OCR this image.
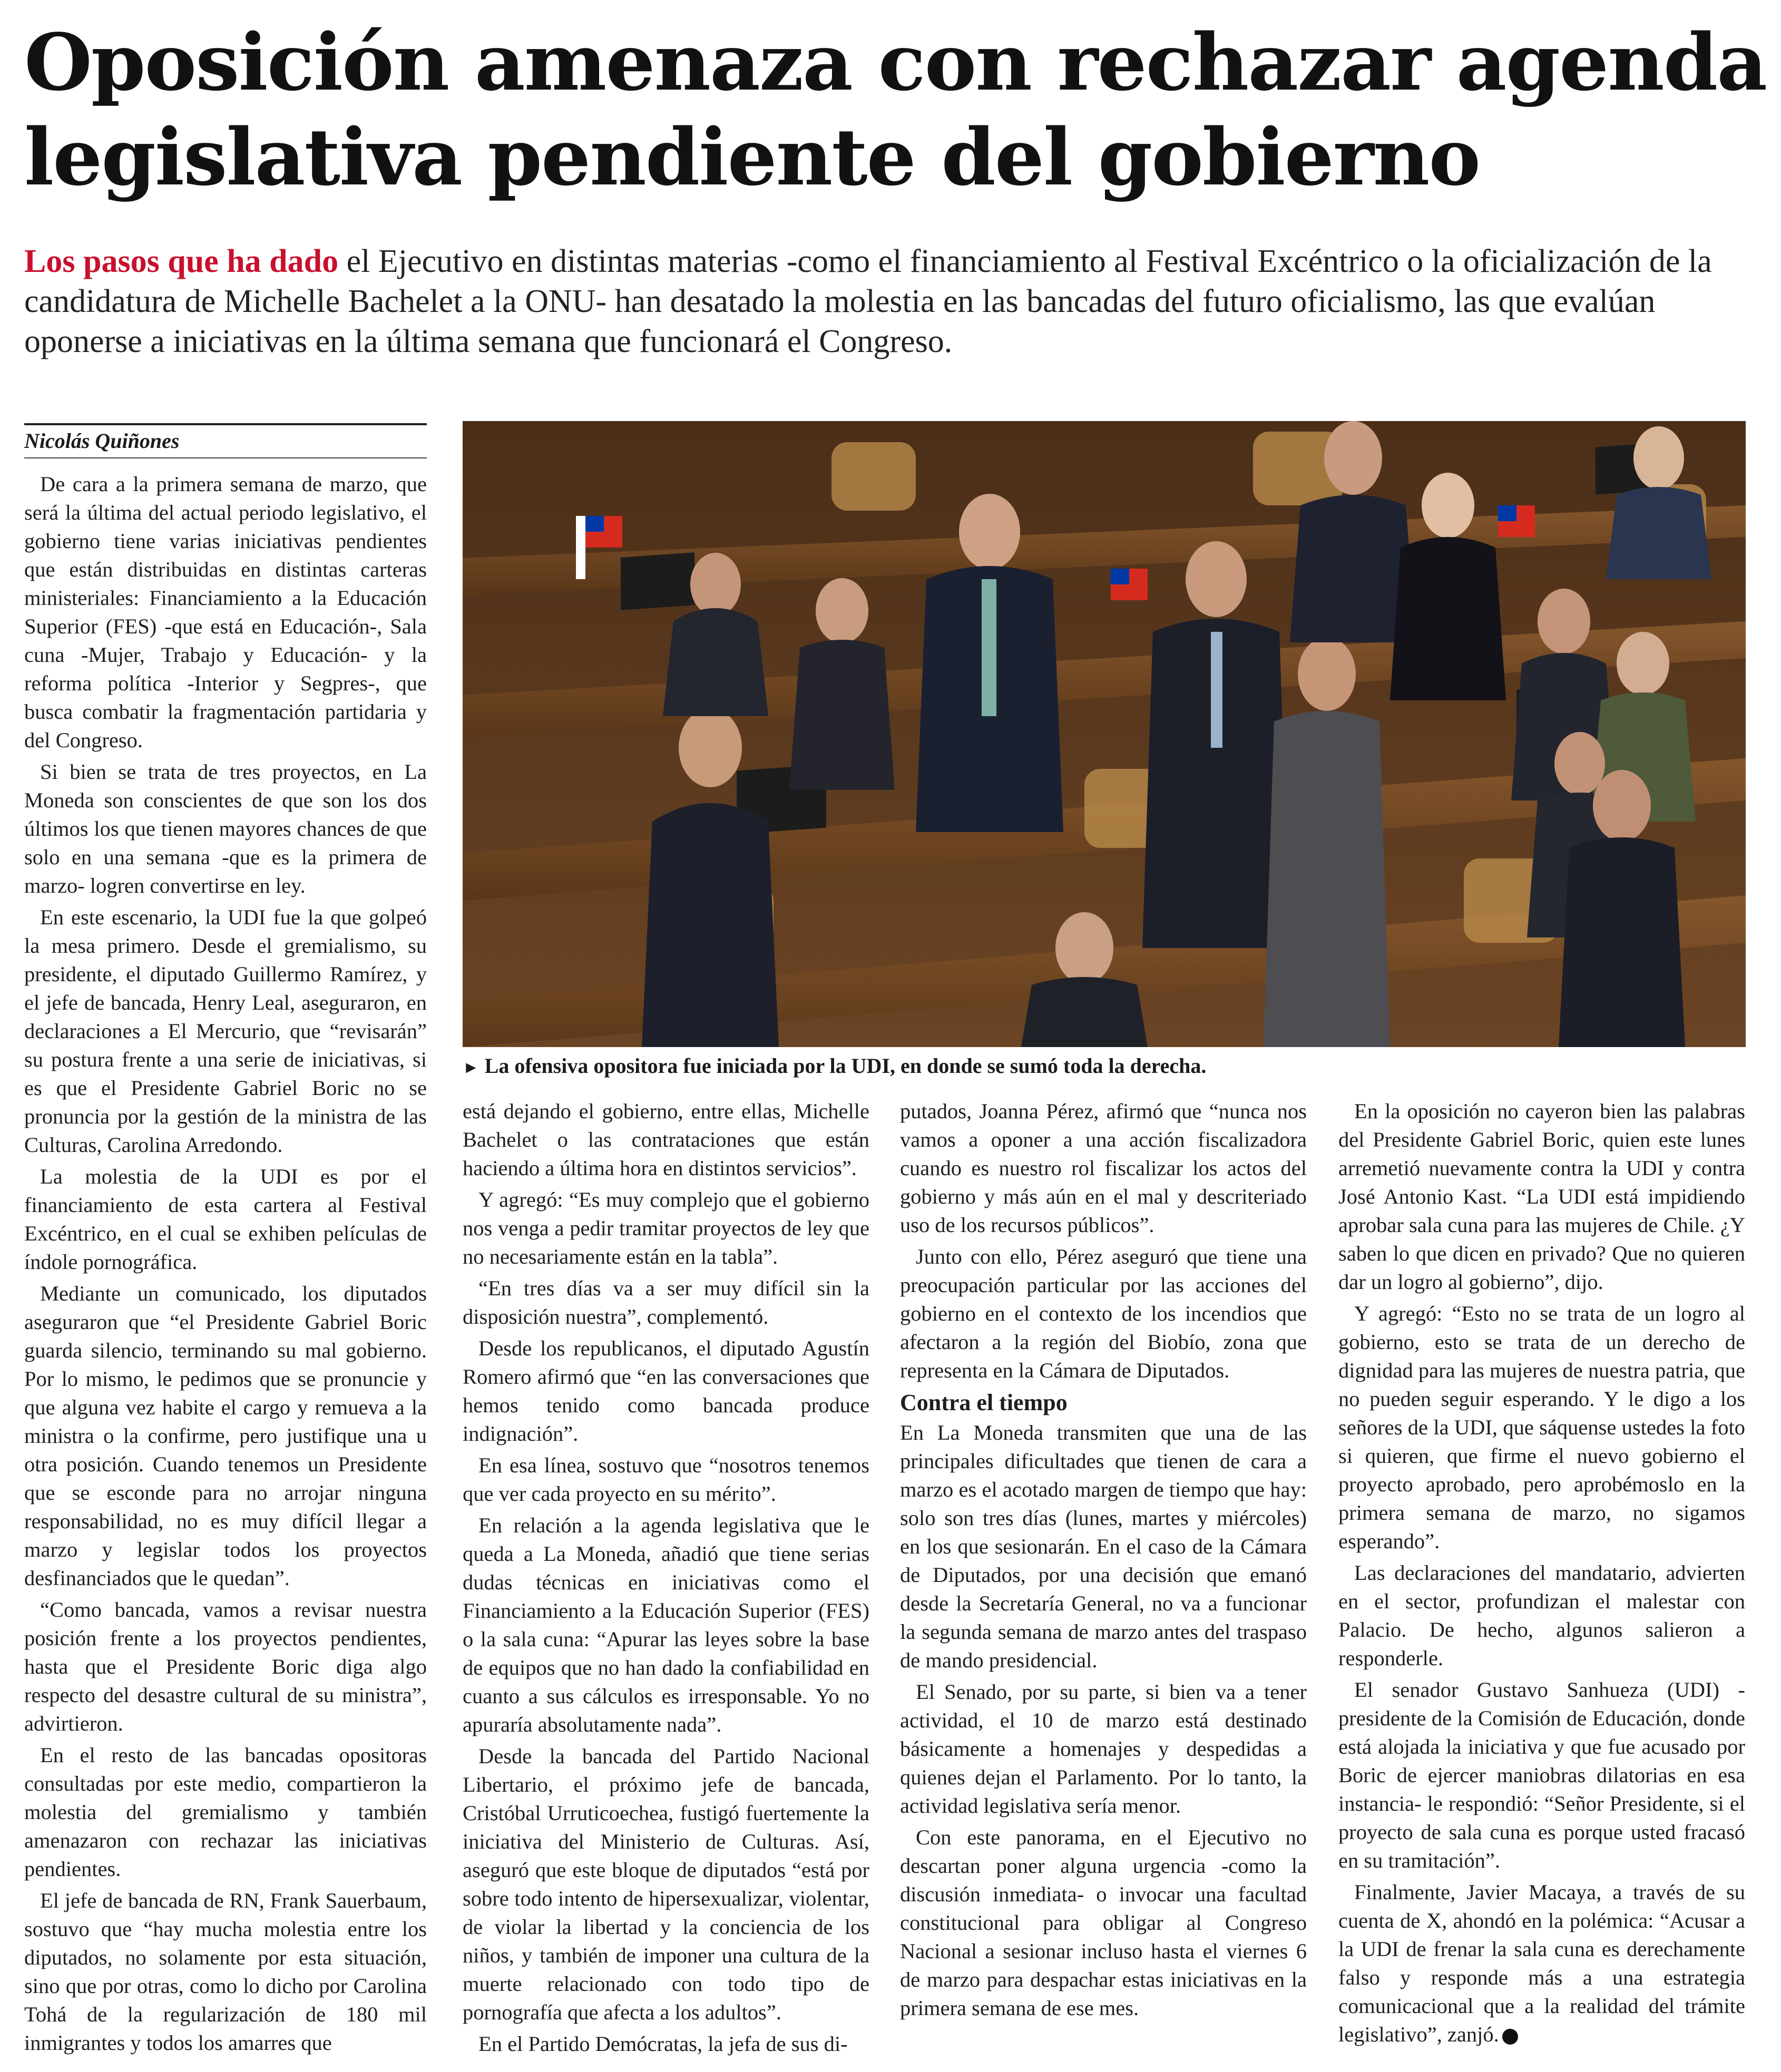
Oposición amenaza con rechazar agenda
legislativa pendiente del gobierno
Los pasos que ha dado el Ejecutivo en distintas materias -como el financiamiento al Festival Excéntrico o la oficialización de la candidatura de Michelle Bachelet a la ONU- han desatado la molestia en las bancadas del futuro oficialismo, las que evalúan oponerse a iniciativas en la última semana que funcionará el Congreso.
Nicolás Quiñones

De cara a la primera semana de marzo, que será la última del actual periodo legislativo, el gobierno tiene varias iniciativas pendientes que están distribuidas en distintas carteras ministeriales: Financiamiento a la Educación Superior (FES) -que está en Educación-, Sala cuna -Mujer, Trabajo y Educación- y la reforma política -Interior y Segpres-, que busca combatir la fragmentación partidaria y del Congreso.

Si bien se trata de tres proyectos, en La Moneda son conscientes de que son los dos últimos los que tienen mayores chances de que solo en una semana -que es la primera de marzo- logren convertirse en ley.

En este escenario, la UDI fue la que golpeó la mesa primero. Desde el gremialismo, su presidente, el diputado Guillermo Ramírez, y el jefe de bancada, Henry Leal, aseguraron, en declaraciones a El Mercurio, que “revisarán” su postura frente a una serie de iniciativas, si es que el Presidente Gabriel Boric no se pronuncia por la gestión de la ministra de las Culturas, Carolina Arredondo.

La molestia de la UDI es por el financiamiento de esta cartera al Festival Excéntrico, en el cual se exhiben películas de índole pornográfica.

Mediante un comunicado, los diputados aseguraron que “el Presidente Gabriel Boric guarda silencio, terminando su mal gobierno. Por lo mismo, le pedimos que se pronuncie y que alguna vez habite el cargo y remueva a la ministra o la confirme, pero justifique una u otra posición. Cuando tenemos un Presidente que se esconde para no arrojar ninguna responsabilidad, no es muy difícil llegar a marzo y legislar todos los proyectos desfinanciados que le quedan”.

“Como bancada, vamos a revisar nuestra posición frente a los proyectos pendientes, hasta que el Presidente Boric diga algo respecto del desastre cultural de su ministra”, advirtieron.

En el resto de las bancadas opositoras consultadas por este medio, compartieron la molestia del gremialismo y también amenazaron con rechazar las iniciativas pendientes.

El jefe de bancada de RN, Frank Sauerbaum, sostuvo que “hay mucha molestia entre los diputados, no solamente por esta situación, sino que por otras, como lo dicho por Carolina Tohá de la regularización de 180 mil inmigrantes y todos los amarres que

► La ofensiva opositora fue iniciada por la UDI, en donde se sumó toda la derecha.

está dejando el gobierno, entre ellas, Michelle Bachelet o las contrataciones que están haciendo a última hora en distintos servicios”.

Y agregó: “Es muy complejo que el gobierno nos venga a pedir tramitar proyectos de ley que no necesariamente están en la tabla”.

“En tres días va a ser muy difícil sin la disposición nuestra”, complementó.

Desde los republicanos, el diputado Agustín Romero afirmó que “en las conversaciones que hemos tenido como bancada produce indignación”.

En esa línea, sostuvo que “nosotros tenemos que ver cada proyecto en su mérito”.

En relación a la agenda legislativa que le queda a La Moneda, añadió que tiene serias dudas técnicas en iniciativas como el Financiamiento a la Educación Superior (FES) o la sala cuna: “Apurar las leyes sobre la base de equipos que no han dado la confiabilidad en cuanto a sus cálculos es irresponsable. Yo no apuraría absolutamente nada”.

Desde la bancada del Partido Nacional Libertario, el próximo jefe de bancada, Cristóbal Urruticoechea, fustigó fuertemente la iniciativa del Ministerio de Culturas. Así, aseguró que este bloque de diputados “está por sobre todo intento de hipersexualizar, violentar, de violar la libertad y la conciencia de los niños, y también de imponer una cultura de la muerte relacionado con todo tipo de pornografía que afecta a los adultos”.

En el Partido Demócratas, la jefa de sus di-

putados, Joanna Pérez, afirmó que “nunca nos vamos a oponer a una acción fiscalizadora cuando es nuestro rol fiscalizar los actos del gobierno y más aún en el mal y descriteriado uso de los recursos públicos”.

Junto con ello, Pérez aseguró que tiene una preocupación particular por las acciones del gobierno en el contexto de los incendios que afectaron a la región del Biobío, zona que representa en la Cámara de Diputados.

Contra el tiempo

En La Moneda transmiten que una de las principales dificultades que tienen de cara a marzo es el acotado margen de tiempo que hay: solo son tres días (lunes, martes y miércoles) en los que sesionarán. En el caso de la Cámara de Diputados, por una decisión que emanó desde la Secretaría General, no va a funcionar la segunda semana de marzo antes del traspaso de mando presidencial.

El Senado, por su parte, si bien va a tener actividad, el 10 de marzo está destinado básicamente a homenajes y despedidas a quienes dejan el Parlamento. Por lo tanto, la actividad legislativa sería menor.

Con este panorama, en el Ejecutivo no descartan poner alguna urgencia -como la discusión inmediata- o invocar una facultad constitucional para obligar al Congreso Nacional a sesionar incluso hasta el viernes 6 de marzo para despachar estas iniciativas en la primera semana de ese mes.

En la oposición no cayeron bien las palabras del Presidente Gabriel Boric, quien este lunes arremetió nuevamente contra la UDI y contra José Antonio Kast. “La UDI está impidiendo aprobar sala cuna para las mujeres de Chile. ¿Y saben lo que dicen en privado? Que no quieren dar un logro al gobierno”, dijo.

Y agregó: “Esto no se trata de un logro al gobierno, esto se trata de un derecho de dignidad para las mujeres de nuestra patria, que no pueden seguir esperando. Y le digo a los señores de la UDI, que sáquense ustedes la foto si quieren, que firme el nuevo gobierno el proyecto aprobado, pero aprobémoslo en la primera semana de marzo, no sigamos esperando”.

Las declaraciones del mandatario, advierten en el sector, profundizan el malestar con Palacio. De hecho, algunos salieron a responderle.

El senador Gustavo Sanhueza (UDI) -presidente de la Comisión de Educación, donde está alojada la iniciativa y que fue acusado por Boric de ejercer maniobras dilatorias en esa instancia- le respondió: “Señor Presidente, si el proyecto de sala cuna es porque usted fracasó en su tramitación”.

Finalmente, Javier Macaya, a través de su cuenta de X, ahondó en la polémica: “Acusar a la UDI de frenar la sala cuna es derechamente falso y responde más a una estrategia comunicacional que a la realidad del trámite legislativo”, zanjó.
